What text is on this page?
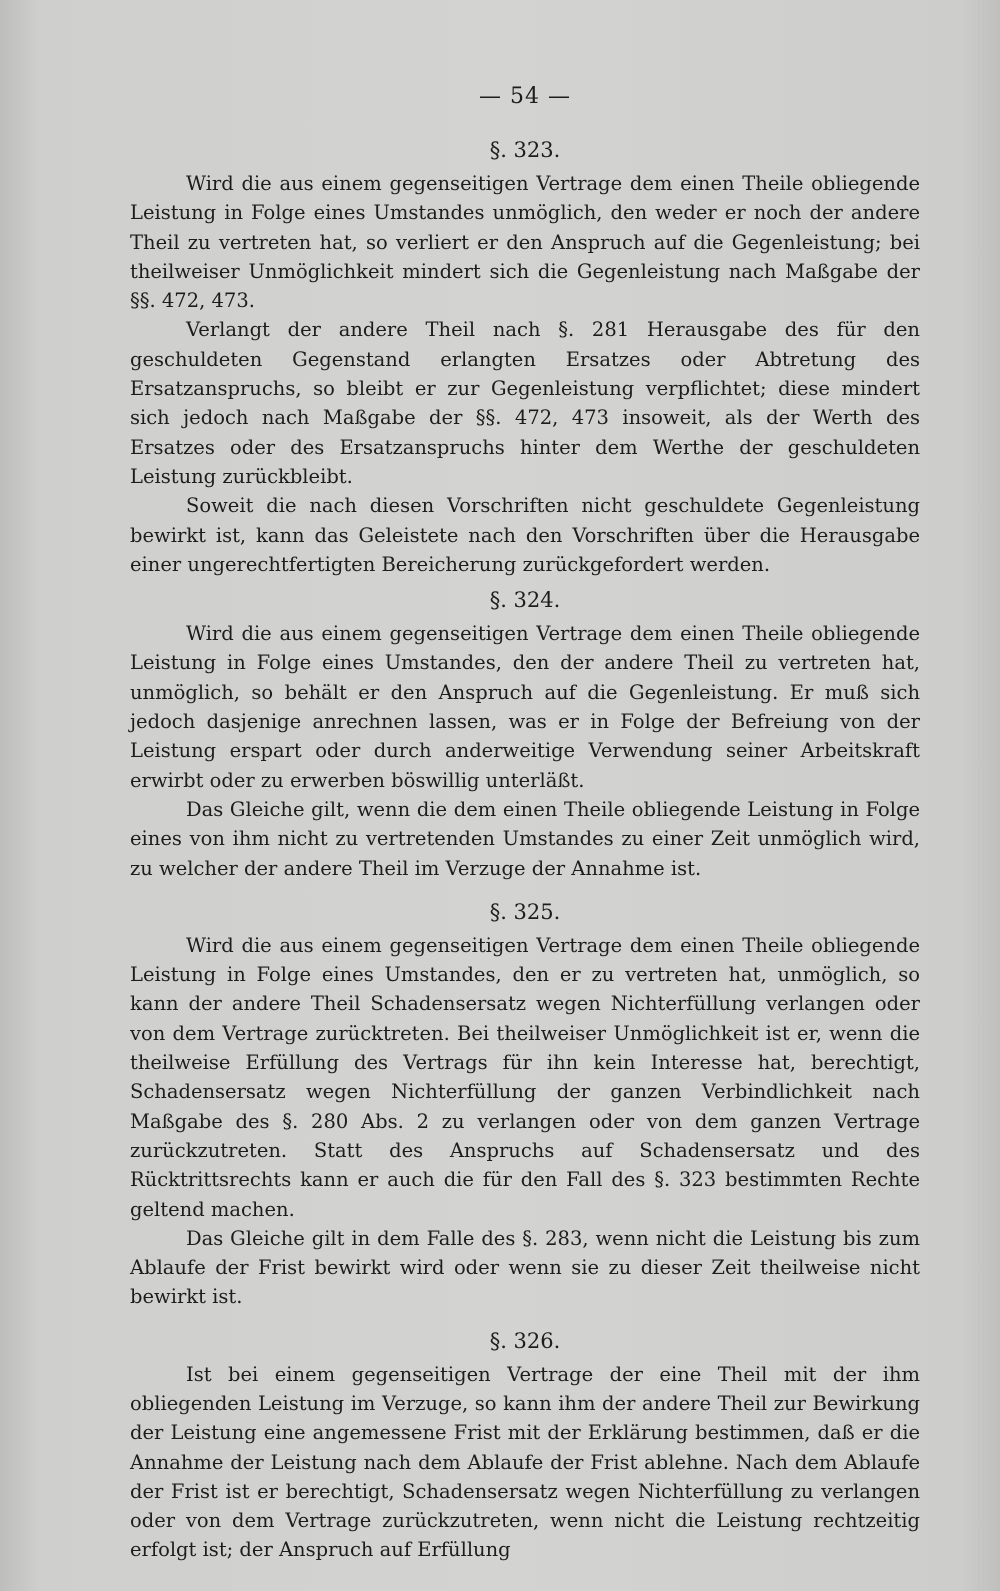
— 54 —
§. 323.

Wird die aus einem gegenseitigen Vertrage dem einen Theile obliegende Leistung in Folge eines Umstandes unmöglich, den weder er noch der andere Theil zu vertreten hat, so verliert er den Anspruch auf die Gegenleistung; bei theilweiser Unmöglichkeit mindert sich die Gegenleistung nach Maßgabe der §§. 472, 473.

Verlangt der andere Theil nach §. 281 Herausgabe des für den geschuldeten Gegenstand erlangten Ersatzes oder Abtretung des Ersatzanspruchs, so bleibt er zur Gegenleistung verpflichtet; diese mindert sich jedoch nach Maßgabe der §§. 472, 473 insoweit, als der Werth des Ersatzes oder des Ersatzanspruchs hinter dem Werthe der geschuldeten Leistung zurückbleibt.

Soweit die nach diesen Vorschriften nicht geschuldete Gegenleistung bewirkt ist, kann das Geleistete nach den Vorschriften über die Herausgabe einer ungerechtfertigten Bereicherung zurückgefordert werden.

§. 324.

Wird die aus einem gegenseitigen Vertrage dem einen Theile obliegende Leistung in Folge eines Umstandes, den der andere Theil zu vertreten hat, unmöglich, so behält er den Anspruch auf die Gegenleistung. Er muß sich jedoch dasjenige anrechnen lassen, was er in Folge der Befreiung von der Leistung erspart oder durch anderweitige Verwendung seiner Arbeitskraft erwirbt oder zu erwerben böswillig unterläßt.

Das Gleiche gilt, wenn die dem einen Theile obliegende Leistung in Folge eines von ihm nicht zu vertretenden Umstandes zu einer Zeit unmöglich wird, zu welcher der andere Theil im Verzuge der Annahme ist.

§. 325.

Wird die aus einem gegenseitigen Vertrage dem einen Theile obliegende Leistung in Folge eines Umstandes, den er zu vertreten hat, unmöglich, so kann der andere Theil Schadensersatz wegen Nichterfüllung verlangen oder von dem Vertrage zurücktreten. Bei theilweiser Unmöglichkeit ist er, wenn die theilweise Erfüllung des Vertrags für ihn kein Interesse hat, berechtigt, Schadensersatz wegen Nichterfüllung der ganzen Verbindlichkeit nach Maßgabe des §. 280 Abs. 2 zu verlangen oder von dem ganzen Vertrage zurückzutreten. Statt des Anspruchs auf Schadensersatz und des Rücktrittsrechts kann er auch die für den Fall des §. 323 bestimmten Rechte geltend machen.

Das Gleiche gilt in dem Falle des §. 283, wenn nicht die Leistung bis zum Ablaufe der Frist bewirkt wird oder wenn sie zu dieser Zeit theilweise nicht bewirkt ist.

§. 326.

Ist bei einem gegenseitigen Vertrage der eine Theil mit der ihm obliegenden Leistung im Verzuge, so kann ihm der andere Theil zur Bewirkung der Leistung eine angemessene Frist mit der Erklärung bestimmen, daß er die Annahme der Leistung nach dem Ablaufe der Frist ablehne. Nach dem Ablaufe der Frist ist er berechtigt, Schadensersatz wegen Nichterfüllung zu verlangen oder von dem Vertrage zurückzutreten, wenn nicht die Leistung rechtzeitig erfolgt ist; der Anspruch auf Erfüllung
